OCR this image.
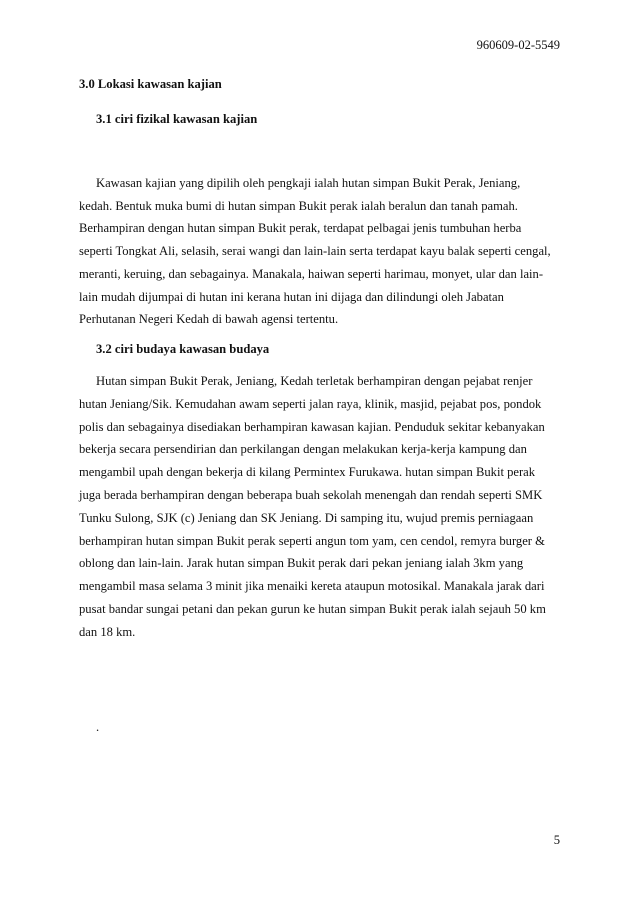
960609-02-5549
3.0 Lokasi kawasan kajian
3.1 ciri fizikal kawasan kajian
Kawasan kajian yang dipilih oleh pengkaji ialah hutan simpan Bukit Perak, Jeniang,
kedah. Bentuk muka bumi di hutan simpan Bukit perak ialah beralun dan tanah pamah.
Berhampiran dengan hutan simpan Bukit perak, terdapat pelbagai jenis tumbuhan herba
seperti Tongkat Ali, selasih, serai wangi dan lain-lain serta terdapat kayu balak seperti cengal,
meranti, keruing, dan sebagainya. Manakala, haiwan seperti harimau, monyet, ular dan lain-
lain mudah dijumpai di hutan ini kerana hutan ini dijaga dan dilindungi oleh Jabatan
Perhutanan Negeri Kedah di bawah agensi tertentu.
3.2 ciri budaya kawasan budaya
Hutan simpan Bukit Perak, Jeniang, Kedah terletak berhampiran dengan pejabat renjer
hutan Jeniang/Sik. Kemudahan awam seperti jalan raya, klinik, masjid, pejabat pos, pondok
polis dan sebagainya disediakan berhampiran kawasan kajian. Penduduk sekitar kebanyakan
bekerja secara persendirian dan perkilangan dengan melakukan kerja-kerja kampung dan
mengambil upah dengan bekerja di kilang Permintex Furukawa. hutan simpan Bukit perak
juga berada berhampiran dengan beberapa buah sekolah menengah dan rendah seperti SMK
Tunku Sulong, SJK (c) Jeniang dan SK Jeniang. Di samping itu, wujud premis perniagaan
berhampiran hutan simpan Bukit perak seperti angun tom yam, cen cendol, remyra burger &
oblong dan lain-lain. Jarak hutan simpan Bukit perak dari pekan jeniang ialah 3km yang
mengambil masa selama 3 minit jika menaiki kereta ataupun motosikal. Manakala jarak dari
pusat bandar sungai petani dan pekan gurun ke hutan simpan Bukit perak ialah sejauh 50 km
dan 18 km.
.
5
